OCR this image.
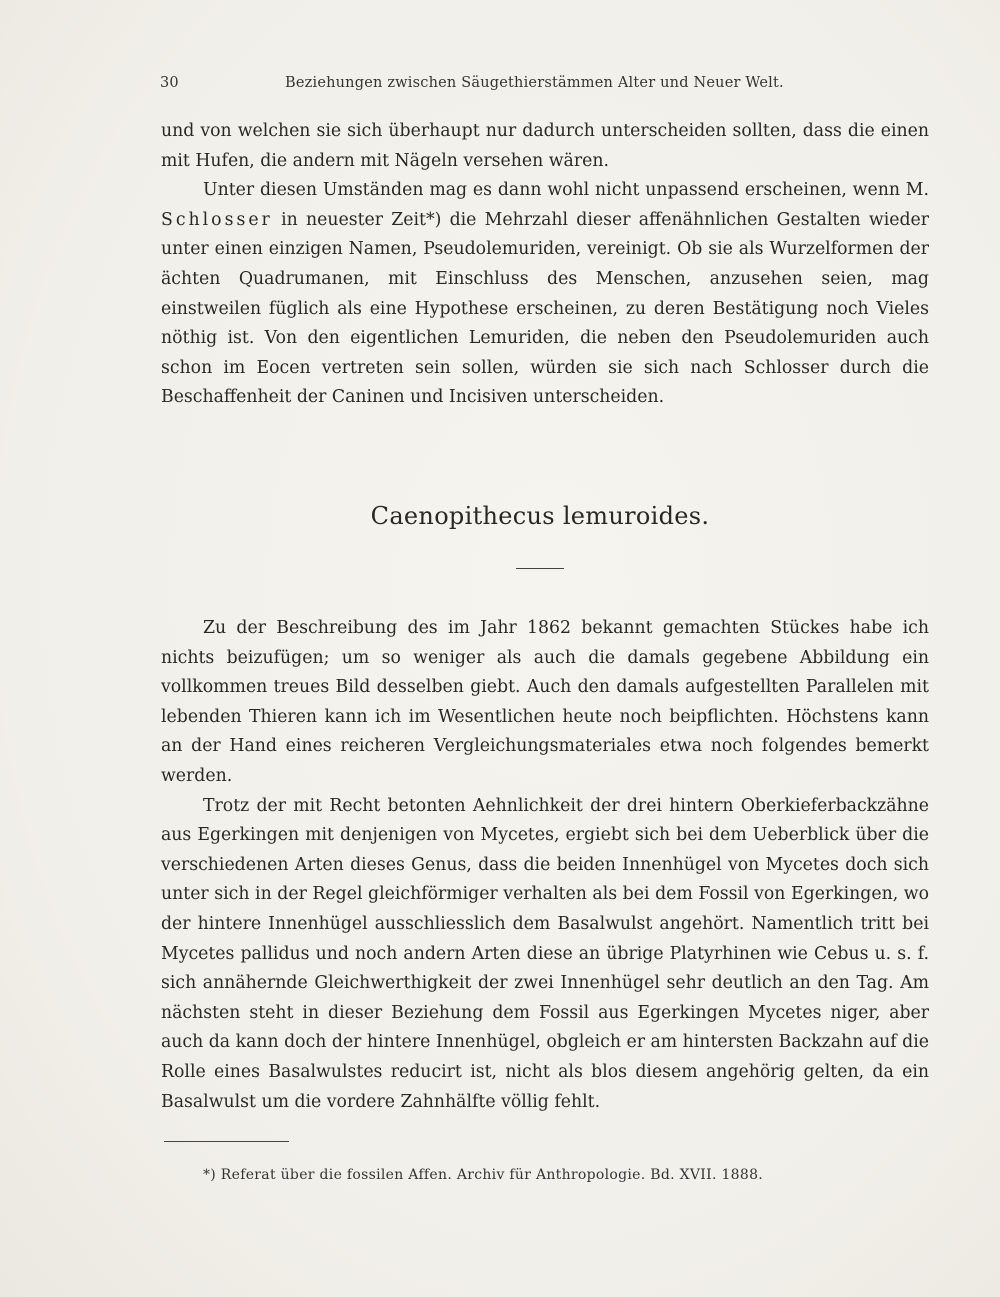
30	Beziehungen zwischen Säugethierstämmen Alter und Neuer Welt.

und von welchen sie sich überhaupt nur dadurch unterscheiden sollten, dass die einen mit Hufen, die andern mit Nägeln versehen wären.

Unter diesen Umständen mag es dann wohl nicht unpassend erscheinen, wenn M. Schlosser in neuester Zeit*) die Mehrzahl dieser affenähnlichen Gestalten wieder unter einen einzigen Namen, Pseudolemuriden, vereinigt. Ob sie als Wurzelformen der ächten Quadrumanen, mit Einschluss des Menschen, anzusehen seien, mag einstweilen füglich als eine Hypothese erscheinen, zu deren Bestätigung noch Vieles nöthig ist. Von den eigentlichen Lemuriden, die neben den Pseudolemuriden auch schon im Eocen vertreten sein sollen, würden sie sich nach Schlosser durch die Beschaffenheit der Caninen und Incisiven unterscheiden.

Caenopithecus lemuroides.

Zu der Beschreibung des im Jahr 1862 bekannt gemachten Stückes habe ich nichts beizufügen; um so weniger als auch die damals gegebene Abbildung ein vollkommen treues Bild desselben giebt. Auch den damals aufgestellten Parallelen mit lebenden Thieren kann ich im Wesentlichen heute noch beipflichten. Höchstens kann an der Hand eines reicheren Vergleichungsmateriales etwa noch folgendes bemerkt werden.

Trotz der mit Recht betonten Aehnlichkeit der drei hintern Oberkieferbackzähne aus Egerkingen mit denjenigen von Mycetes, ergiebt sich bei dem Ueberblick über die verschiedenen Arten dieses Genus, dass die beiden Innenhügel von Mycetes doch sich unter sich in der Regel gleichförmiger verhalten als bei dem Fossil von Egerkingen, wo der hintere Innenhügel ausschliesslich dem Basalwulst angehört. Namentlich tritt bei Mycetes pallidus und noch andern Arten diese an übrige Platyrhinen wie Cebus u. s. f. sich annähernde Gleichwerthigkeit der zwei Innenhügel sehr deutlich an den Tag. Am nächsten steht in dieser Beziehung dem Fossil aus Egerkingen Mycetes niger, aber auch da kann doch der hintere Innenhügel, obgleich er am hintersten Backzahn auf die Rolle eines Basalwulstes reducirt ist, nicht als blos diesem angehörig gelten, da ein Basalwulst um die vordere Zahnhälfte völlig fehlt.

*) Referat über die fossilen Affen. Archiv für Anthropologie. Bd. XVII. 1888.
